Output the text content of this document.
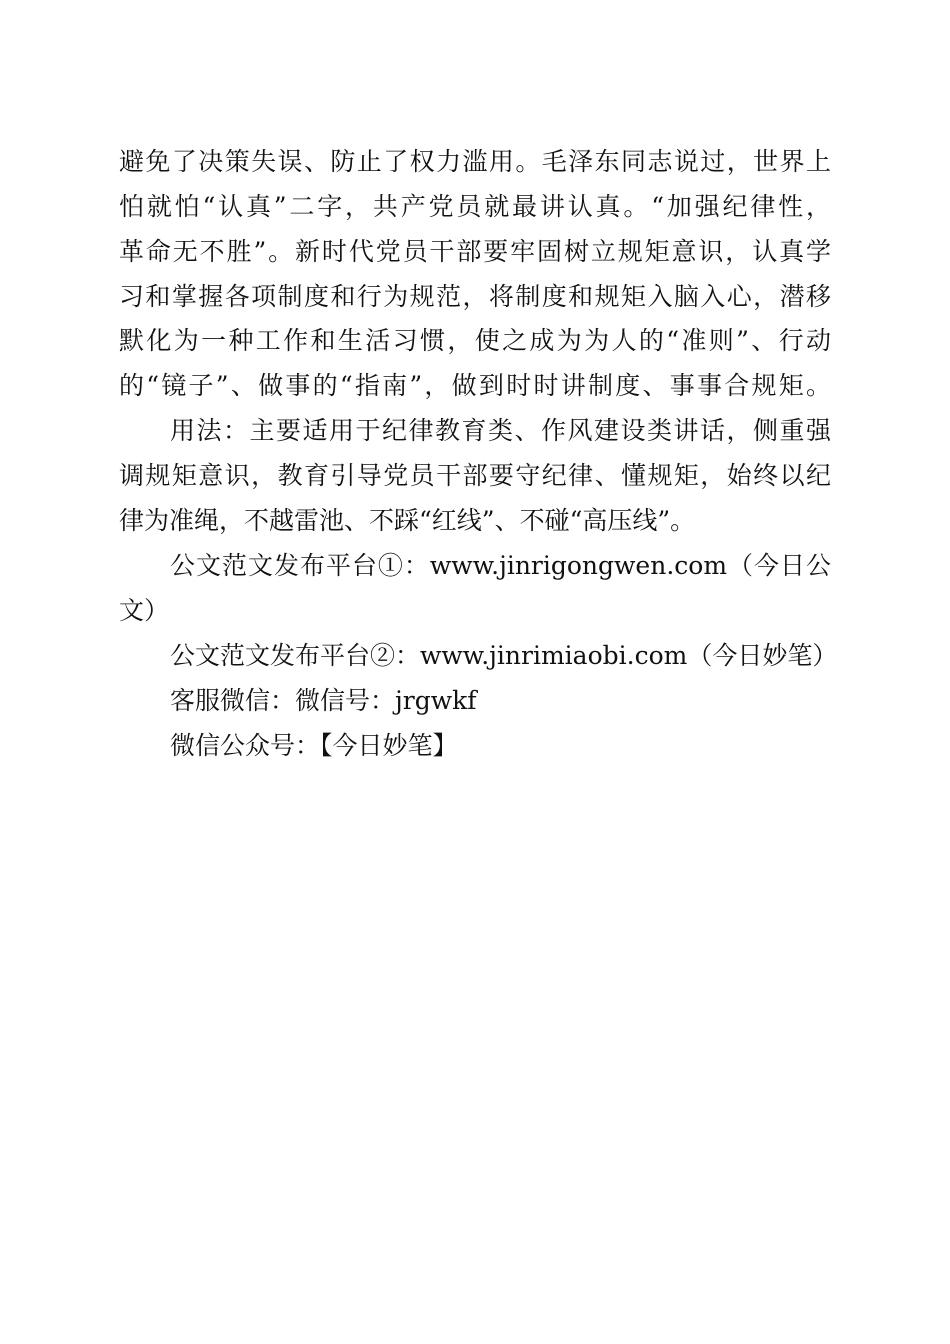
避免了决策失误、防止了权力滥用。毛泽东同志说过，世界上
怕就怕“认真”二字，共产党员就最讲认真。“加强纪律性，
革命无不胜”。新时代党员干部要牢固树立规矩意识，认真学
习和掌握各项制度和行为规范，将制度和规矩入脑入心，潜移
默化为一种工作和生活习惯，使之成为为人的“准则”、行动
的“镜子”、做事的“指南”，做到时时讲制度、事事合规矩。
用法：主要适用于纪律教育类、作风建设类讲话，侧重强
调规矩意识，教育引导党员干部要守纪律、懂规矩，始终以纪
律为准绳，不越雷池、不踩“红线”、不碰“高压线”。
公文范文发布平台①：www.jinrigongwen.com（今日公
文）
公文范文发布平台②：www.jinrimiaobi.com（今日妙笔）
客服微信：微信号：jrgwkf
微信公众号：【今日妙笔】
